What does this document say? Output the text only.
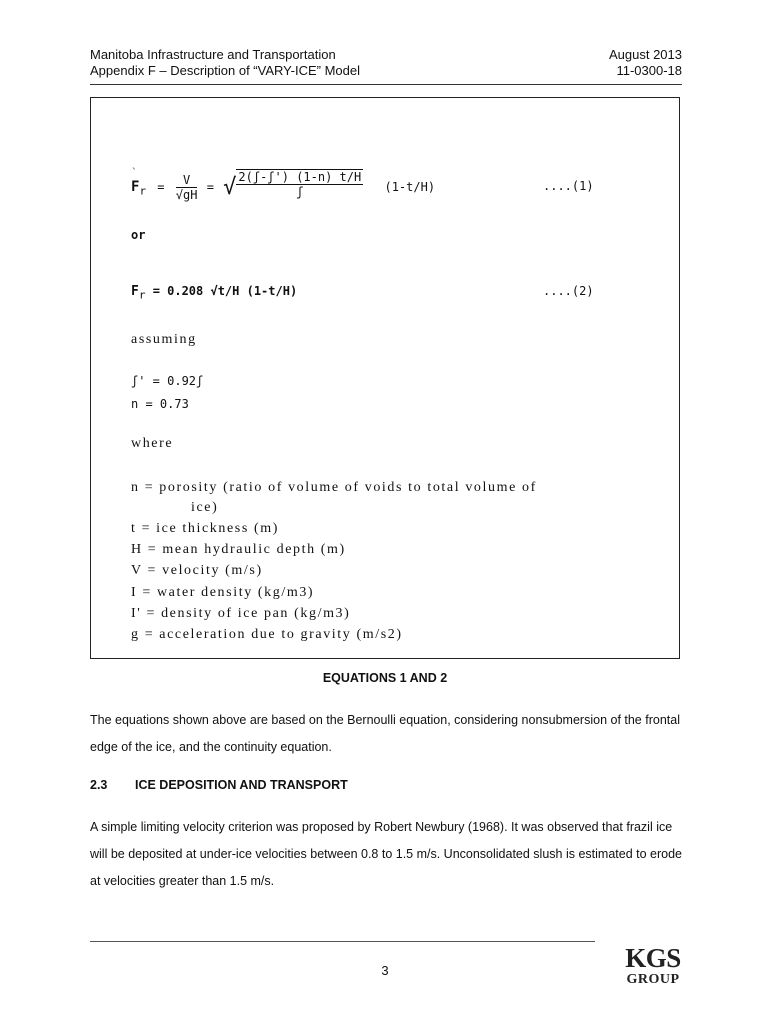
Manitoba Infrastructure and Transportation
Appendix F – Description of “VARY-ICE” Model
August 2013
11-0300-18
`
$F_r = \frac{V}{√gH}$ = √ $\frac{\text{2(ʃ-ʃ') (1-n) t/H}}{\text{ʃ}} (1-t/H)$	....(1)
or
$F_r = 0.208$ √t/H (1-t/H)	....(2)
assuming
ʃ' = 0.92ʃ
n = 0.73
where
n = porosity (ratio of volume of voids to total volume of
ice)
t = ice thickness (m)
H = mean hydraulic depth (m)
V = velocity (m/s)
I = water density (kg/m3)
I' = density of ice pan (kg/m3)
g = acceleration due to gravity (m/s2)
EQUATIONS 1 AND 2
The equations shown above are based on the Bernoulli equation, considering nonsubmersion of the frontal edge of the ice, and the continuity equation.
2.3 ICE DEPOSITION AND TRANSPORT
A simple limiting velocity criterion was proposed by Robert Newbury (1968). It was observed that frazil ice will be deposited at under-ice velocities between 0.8 to 1.5 m/s. Unconsolidated slush is estimated to erode at velocities greater than 1.5 m/s.
3	KGS
GROUP
